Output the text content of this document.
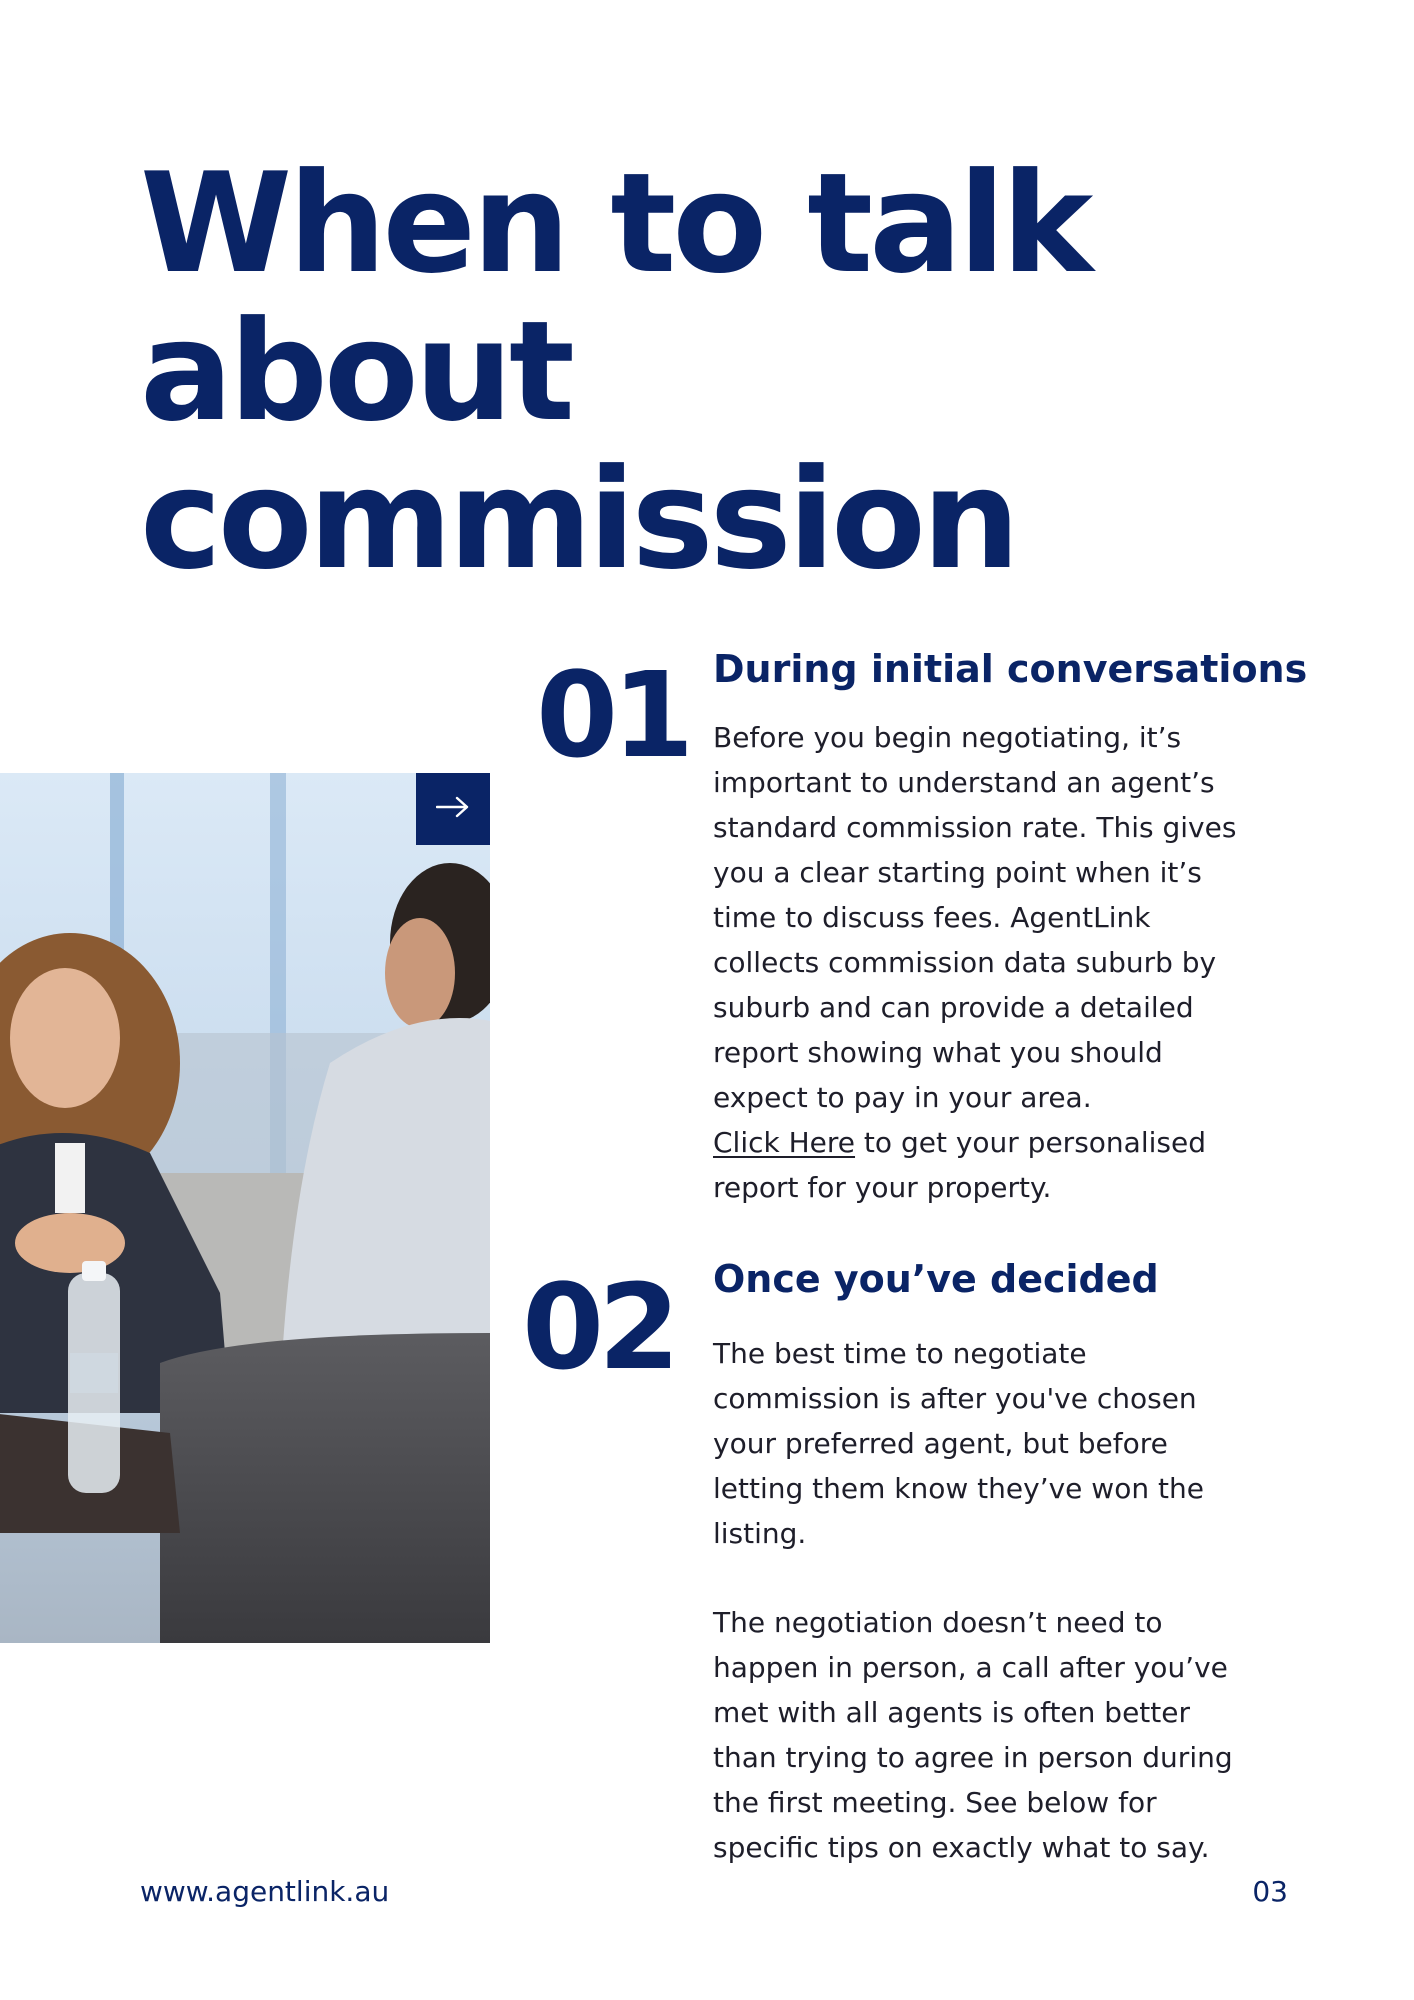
When to talk
about
commission
01 During initial conversations
Before you begin negotiating, it’s
important to understand an agent’s
standard commission rate. This gives
you a clear starting point when it’s
time to discuss fees. AgentLink
collects commission data suburb by
suburb and can provide a detailed
report showing what you should
expect to pay in your area.
Click Here to get your personalised
report for your property.
02 Once you’ve decided
The best time to negotiate
commission is after you've chosen
your preferred agent, but before
letting them know they’ve won the
listing.
The negotiation doesn’t need to
happen in person, a call after you’ve
met with all agents is often better
than trying to agree in person during
the first meeting. See below for
specific tips on exactly what to say.
www.agentlink.au	03
